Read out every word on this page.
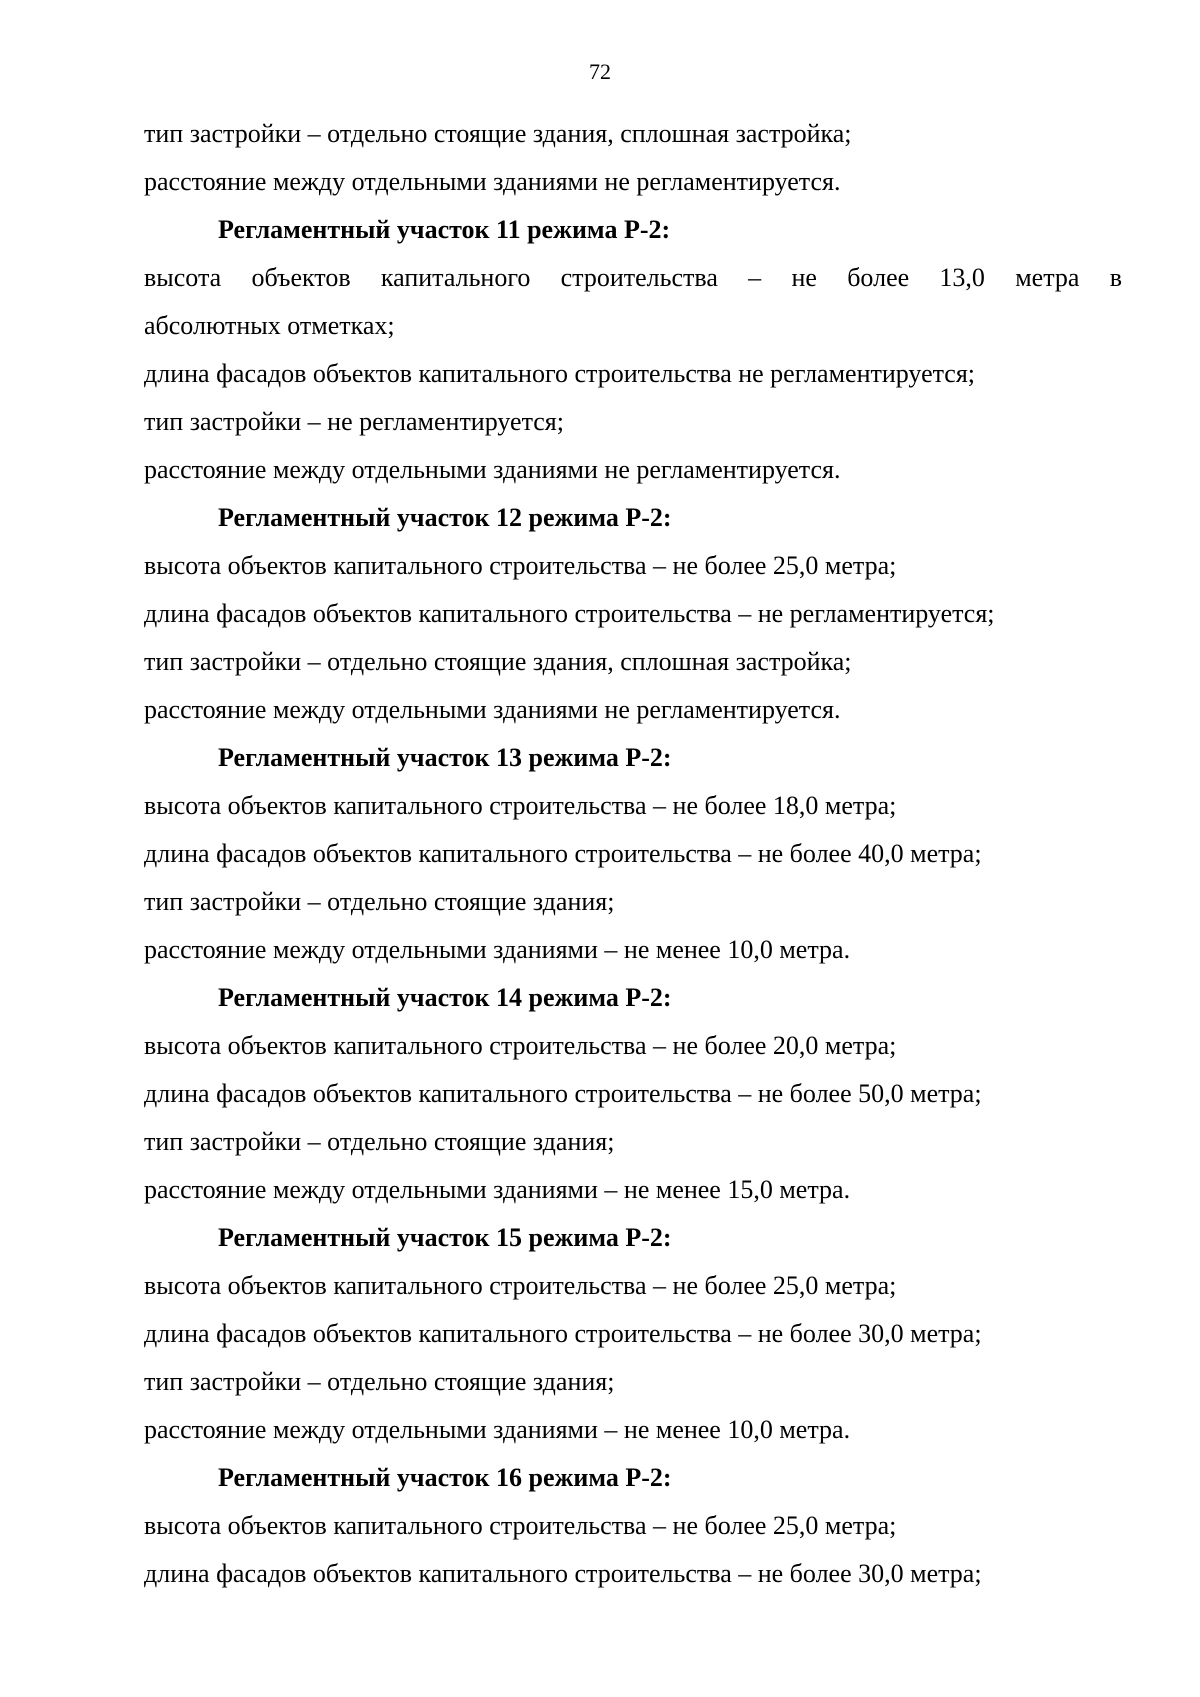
72
тип застройки – отдельно стоящие здания, сплошная застройка;
расстояние между отдельными зданиями не регламентируется.
Регламентный участок 11 режима Р-2:
высота объектов капитального строительства – не более 13,0 метра в
абсолютных отметках;
длина фасадов объектов капитального строительства не регламентируется;
тип застройки – не регламентируется;
расстояние между отдельными зданиями не регламентируется.
Регламентный участок 12 режима Р-2:
высота объектов капитального строительства – не более 25,0 метра;
длина фасадов объектов капитального строительства – не регламентируется;
тип застройки – отдельно стоящие здания, сплошная застройка;
расстояние между отдельными зданиями не регламентируется.
Регламентный участок 13 режима Р-2:
высота объектов капитального строительства – не более 18,0 метра;
длина фасадов объектов капитального строительства – не более 40,0 метра;
тип застройки – отдельно стоящие здания;
расстояние между отдельными зданиями – не менее 10,0 метра.
Регламентный участок 14 режима Р-2:
высота объектов капитального строительства – не более 20,0 метра;
длина фасадов объектов капитального строительства – не более 50,0 метра;
тип застройки – отдельно стоящие здания;
расстояние между отдельными зданиями – не менее 15,0 метра.
Регламентный участок 15 режима Р-2:
высота объектов капитального строительства – не более 25,0 метра;
длина фасадов объектов капитального строительства – не более 30,0 метра;
тип застройки – отдельно стоящие здания;
расстояние между отдельными зданиями – не менее 10,0 метра.
Регламентный участок 16 режима Р-2:
высота объектов капитального строительства – не более 25,0 метра;
длина фасадов объектов капитального строительства – не более 30,0 метра;
